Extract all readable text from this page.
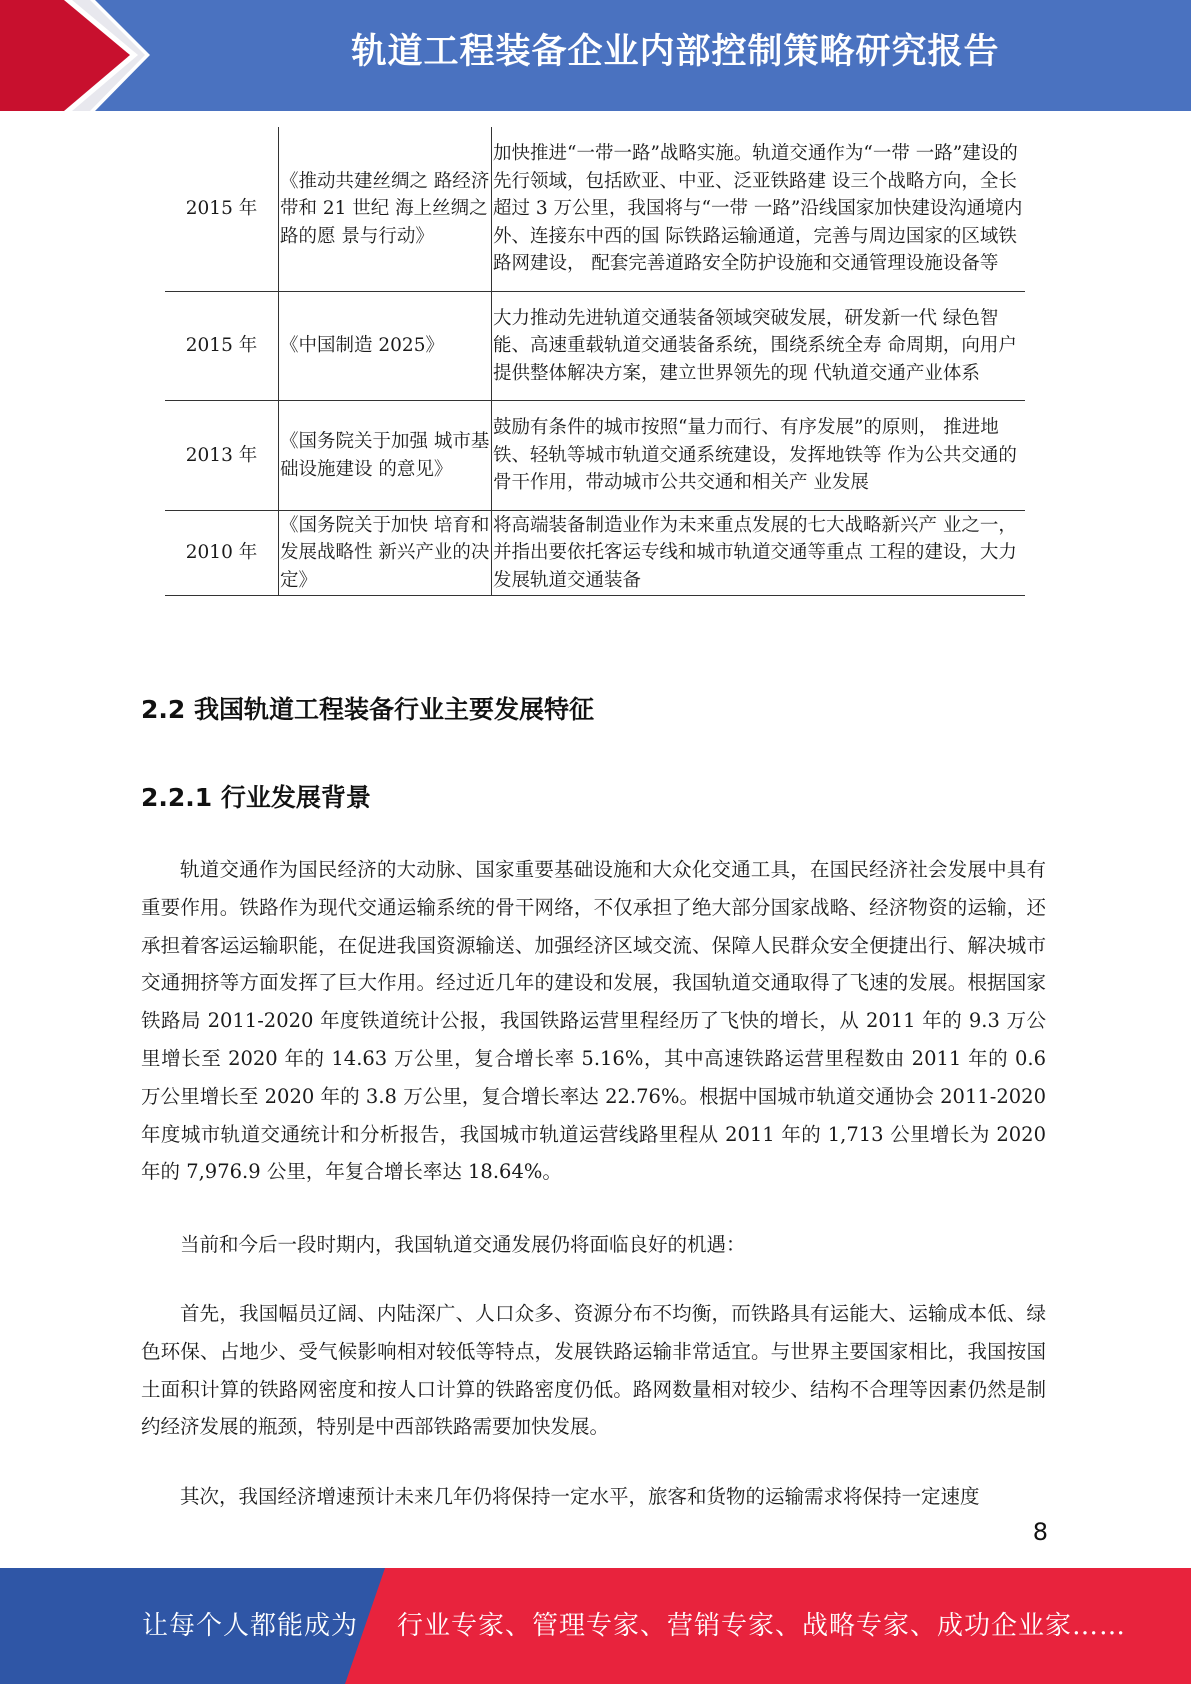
轨道工程装备企业内部控制策略研究报告
2015 年	《推动共建丝绸之 路经济带和 21 世纪 海上丝绸之路的愿 景与行动》	加快推进“一带一路”战略实施。轨道交通作为“一带 一路”建设的先行领域，包括欧亚、中亚、泛亚铁路建 设三个战略方向，全长超过 3 万公里，我国将与“一带 一路”沿线国家加快建设沟通境内外、连接东中西的国 际铁路运输通道，完善与周边国家的区域铁路网建设， 配套完善道路安全防护设施和交通管理设施设备等
2015 年	《中国制造 2025》	大力推动先进轨道交通装备领域突破发展，研发新一代 绿色智能、高速重载轨道交通装备系统，围绕系统全寿 命周期，向用户提供整体解决方案，建立世界领先的现 代轨道交通产业体系
2013 年	《国务院关于加强 城市基础设施建设 的意见》	鼓励有条件的城市按照“量力而行、有序发展”的原则， 推进地铁、轻轨等城市轨道交通系统建设，发挥地铁等 作为公共交通的骨干作用，带动城市公共交通和相关产 业发展
2010 年	《国务院关于加快 培育和发展战略性 新兴产业的决定》	将高端装备制造业作为未来重点发展的七大战略新兴产 业之一，并指出要依托客运专线和城市轨道交通等重点 工程的建设，大力发展轨道交通装备
2.2 我国轨道工程装备行业主要发展特征
2.2.1 行业发展背景

轨道交通作为国民经济的大动脉、国家重要基础设施和大众化交通工具，在国民经济社会发展中具有重要作用。铁路作为现代交通运输系统的骨干网络，不仅承担了绝大部分国家战略、经济物资的运输，还承担着客运运输职能，在促进我国资源输送、加强经济区域交流、保障人民群众安全便捷出行、解决城市交通拥挤等方面发挥了巨大作用。经过近几年的建设和发展，我国轨道交通取得了飞速的发展。根据国家铁路局 2011-2020 年度铁道统计公报，我国铁路运营里程经历了飞快的增长，从 2011 年的 9.3 万公里增长至 2020 年的 14.63 万公里，复合增长率 5.16%，其中高速铁路运营里程数由 2011 年的 0.6 万公里增长至 2020 年的 3.8 万公里，复合增长率达 22.76%。根据中国城市轨道交通协会 2011-2020 年度城市轨道交通统计和分析报告，我国城市轨道运营线路里程从 2011 年的 1,713 公里增长为 2020 年的 7,976.9 公里，年复合增长率达 18.64%。

当前和今后一段时期内，我国轨道交通发展仍将面临良好的机遇：

首先，我国幅员辽阔、内陆深广、人口众多、资源分布不均衡，而铁路具有运能大、运输成本低、绿色环保、占地少、受气候影响相对较低等特点，发展铁路运输非常适宜。与世界主要国家相比，我国按国土面积计算的铁路网密度和按人口计算的铁路密度仍低。路网数量相对较少、结构不合理等因素仍然是制约经济发展的瓶颈，特别是中西部铁路需要加快发展。

其次，我国经济增速预计未来几年仍将保持一定水平，旅客和货物的运输需求将保持一定速度

8
让每个人都能成为 行业专家、管理专家、营销专家、战略专家、成功企业家……
